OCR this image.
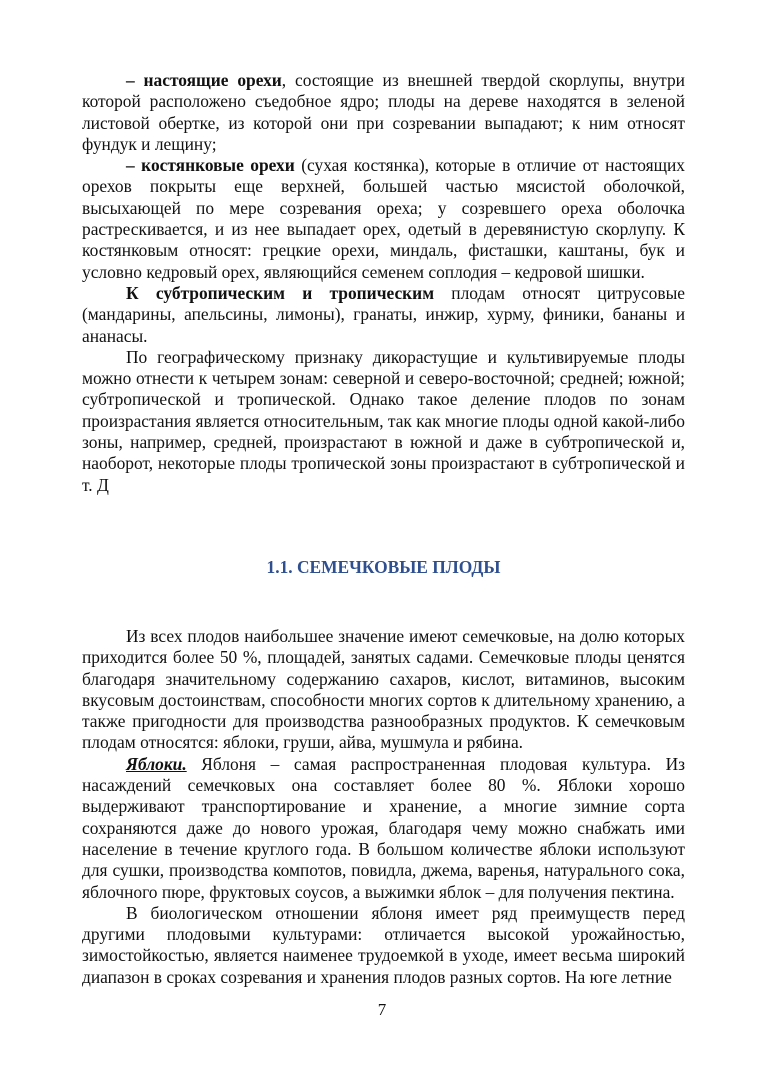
– настоящие орехи, состоящие из внешней твердой скорлупы, внутри которой расположено съедобное ядро; плоды на дереве находятся в зеленой листовой обертке, из которой они при созревании выпадают; к ним относят фундук и лещину;

– костянковые орехи (сухая костянка), которые в отличие от настоящих орехов покрыты еще верхней, большей частью мясистой оболочкой, высыхающей по мере созревания ореха; у созревшего ореха оболочка растрескивается, и из нее выпадает орех, одетый в деревянистую скорлупу. К костянковым относят: грецкие орехи, миндаль, фисташки, каштаны, бук и условно кедровый орех, являющийся семенем соплодия – кедровой шишки.

К субтропическим и тропическим плодам относят цитрусовые (мандарины, апельсины, лимоны), гранаты, инжир, хурму, финики, бананы и ананасы.

По географическому признаку дикорастущие и культивируемые плоды можно отнести к четырем зонам: северной и северо-восточной; средней; южной; субтропической и тропической. Однако такое деление плодов по зонам произрастания является относительным, так как многие плоды одной какой-либо зоны, например, средней, произрастают в южной и даже в субтропической и, наоборот, некоторые плоды тропической зоны произрастают в субтропической и т. Д

1.1. СЕМЕЧКОВЫЕ ПЛОДЫ

Из всех плодов наибольшее значение имеют семечковые, на долю которых приходится более 50 %, площадей, занятых садами. Семечковые плоды ценятся благодаря значительному содержанию сахаров, кислот, витаминов, высоким вкусовым достоинствам, способности многих сортов к длительному хранению, а также пригодности для производства разнообразных продуктов. К семечковым плодам относятся: яблоки, груши, айва, мушмула и рябина.

Яблоки. Яблоня – самая распространенная плодовая культура. Из насаждений семечковых она составляет более 80 %. Яблоки хорошо выдерживают транспортирование и хранение, а многие зимние сорта сохраняются даже до нового урожая, благодаря чему можно снабжать ими население в течение круглого года. В большом количестве яблоки используют для сушки, производства компотов, повидла, джема, варенья, натурального сока, яблочного пюре, фруктовых соусов, а выжимки яблок – для получения пектина.

В биологическом отношении яблоня имеет ряд преимуществ перед другими плодовыми культурами: отличается высокой урожайностью, зимостойкостью, является наименее трудоемкой в уходе, имеет весьма широкий диапазон в сроках созревания и хранения плодов разных сортов. На юге летние

7
